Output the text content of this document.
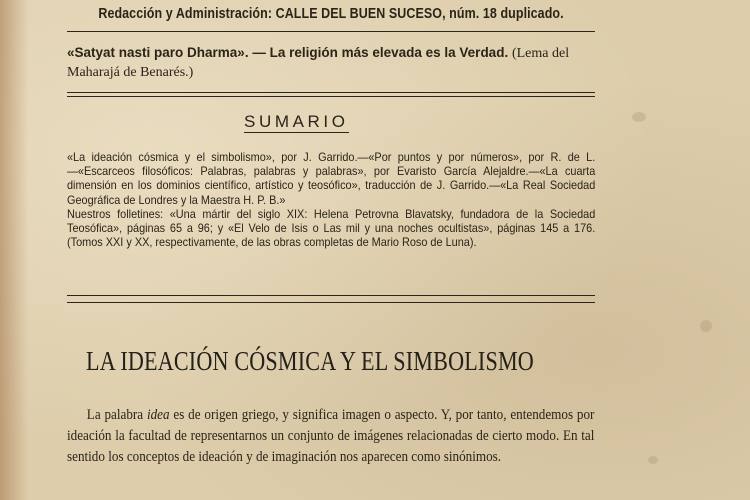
Redacción y Administración: CALLE DEL BUEN SUCESO, núm. 18 duplicado.
«Satyat nasti paro Dharma». — La religión más elevada es la Verdad. (Lema del Maharajá de Benarés.)
SUMARIO
«La ideación cósmica y el simbolismo», por J. Garrido.—«Por puntos y por números», por R. de L.—«Escarceos filosóficos: Palabras, palabras y palabras», por Evaristo García Alejaldre.—«La cuarta dimensión en los dominios científico, artístico y teosófico», traducción de J. Garrido.—«La Real Sociedad Geográfica de Londres y la Maestra H. P. B.»
Nuestros folletines: «Una mártir del siglo XIX: Helena Petrovna Blavatsky, fundadora de la Sociedad Teosófica», páginas 65 a 96; y «El Velo de Isis o Las mil y una noches ocultistas», páginas 145 a 176. (Tomos XXI y XX, respectivamente, de las obras completas de Mario Roso de Luna).
LA IDEACIÓN CÓSMICA Y EL SIMBOLISMO
La palabra idea es de origen griego, y significa imagen o aspecto. Y, por tanto, entendemos por ideación la facultad de representarnos un conjunto de imágenes relacionadas de cierto modo. En tal sentido los conceptos de ideación y de imaginación nos aparecen como sinónimos.
